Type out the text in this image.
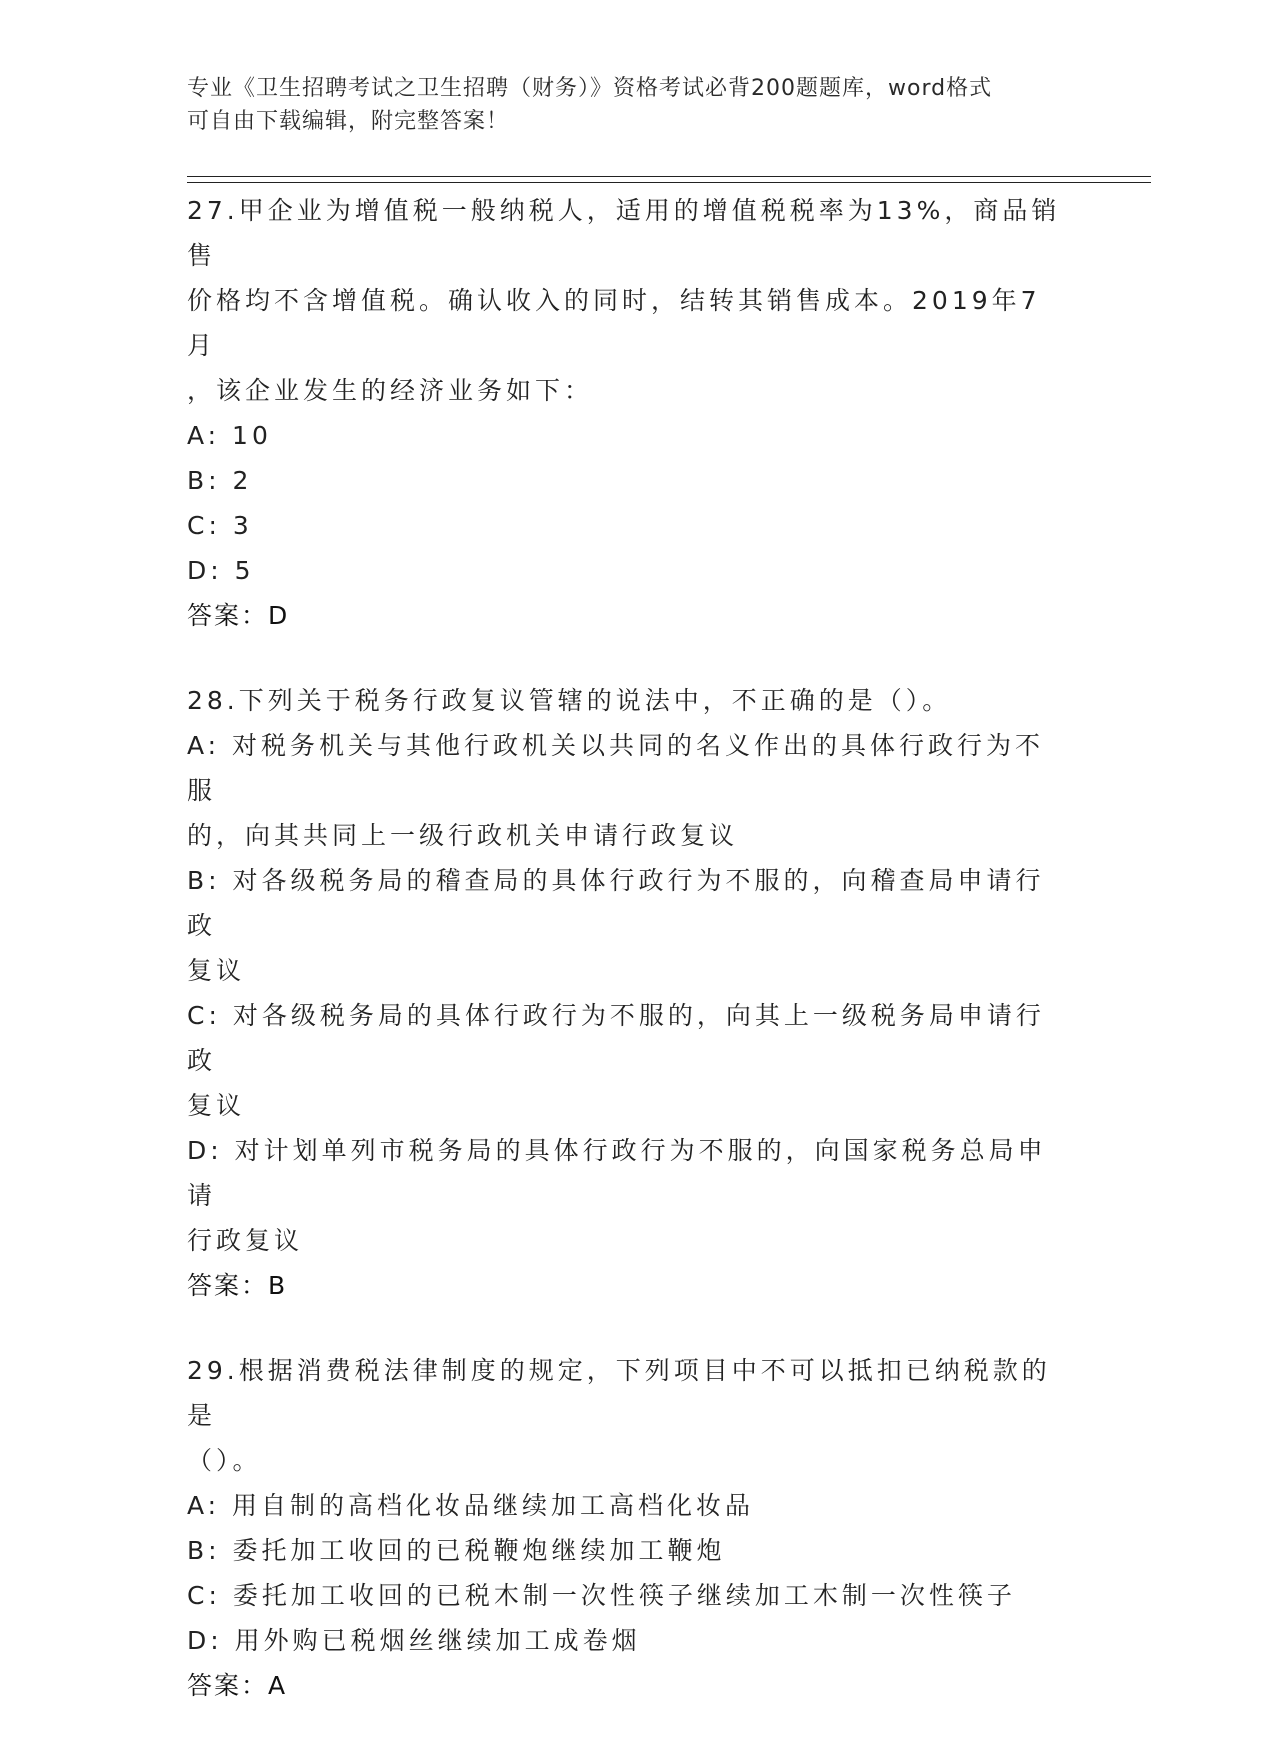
专业《卫生招聘考试之卫生招聘（财务）》资格考试必背200题题库，word格式
可自由下载编辑，附完整答案！
27.甲企业为增值税一般纳税人，适用的增值税税率为13%，商品销售
价格均不含增值税。确认收入的同时，结转其销售成本。2019年7月
，该企业发生的经济业务如下：
A: 10
B: 2
C: 3
D: 5
答案：D
28.下列关于税务行政复议管辖的说法中，不正确的是（）。
A: 对税务机关与其他行政机关以共同的名义作出的具体行政行为不服
的，向其共同上一级行政机关申请行政复议
B: 对各级税务局的稽查局的具体行政行为不服的，向稽查局申请行政
复议
C: 对各级税务局的具体行政行为不服的，向其上一级税务局申请行政
复议
D: 对计划单列市税务局的具体行政行为不服的，向国家税务总局申请
行政复议
答案：B
29.根据消费税法律制度的规定，下列项目中不可以抵扣已纳税款的是
（）。
A: 用自制的高档化妆品继续加工高档化妆品
B: 委托加工收回的已税鞭炮继续加工鞭炮
C: 委托加工收回的已税木制一次性筷子继续加工木制一次性筷子
D: 用外购已税烟丝继续加工成卷烟
答案：A
